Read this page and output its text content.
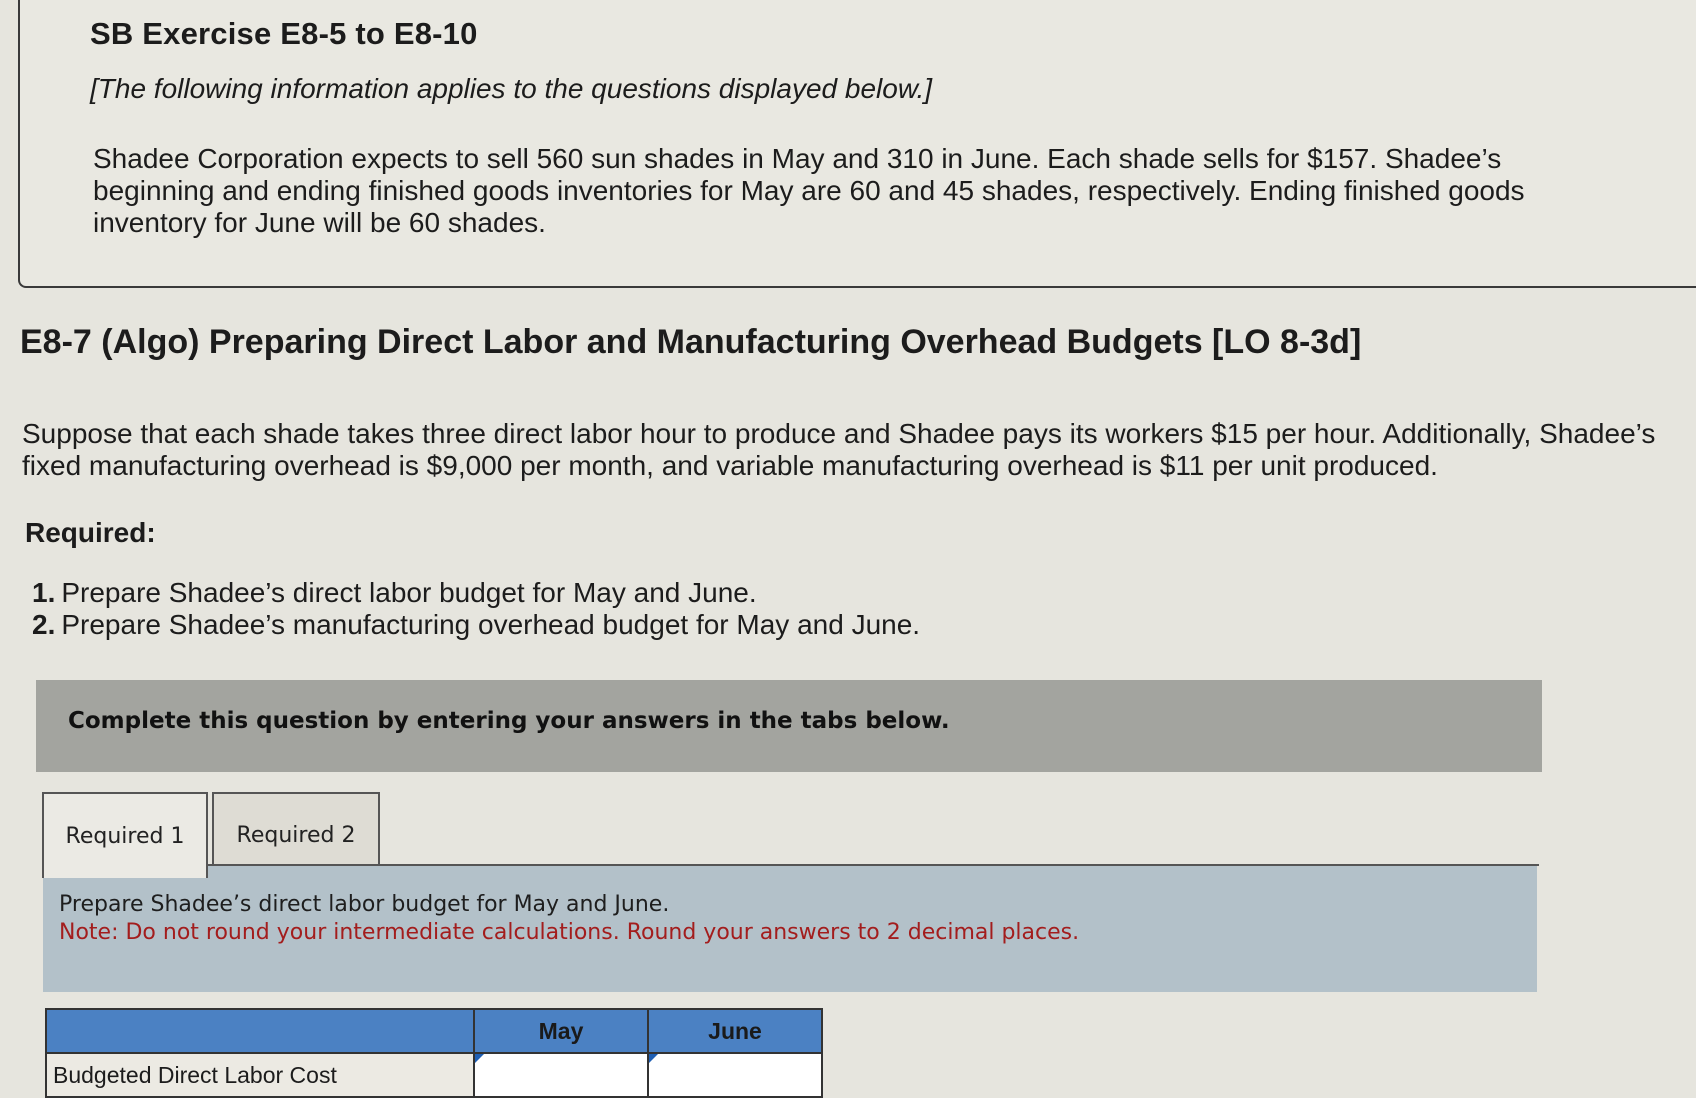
SB Exercise E8-5 to E8-10
[The following information applies to the questions displayed below.]
Shadee Corporation expects to sell 560 sun shades in May and 310 in June. Each shade sells for $157. Shadee’s beginning and ending finished goods inventories for May are 60 and 45 shades, respectively. Ending finished goods inventory for June will be 60 shades.
E8-7 (Algo) Preparing Direct Labor and Manufacturing Overhead Budgets [LO 8-3d]
Suppose that each shade takes three direct labor hour to produce and Shadee pays its workers $15 per hour. Additionally, Shadee’s fixed manufacturing overhead is $9,000 per month, and variable manufacturing overhead is $11 per unit produced.
Required:
1. Prepare Shadee’s direct labor budget for May and June.
2. Prepare Shadee’s manufacturing overhead budget for May and June.
Complete this question by entering your answers in the tabs below.
Required 1 Required 2
Prepare Shadee’s direct labor budget for May and June.
Note: Do not round your intermediate calculations. Round your answers to 2 decimal places.
	May	June
Budgeted Direct Labor Cost	
